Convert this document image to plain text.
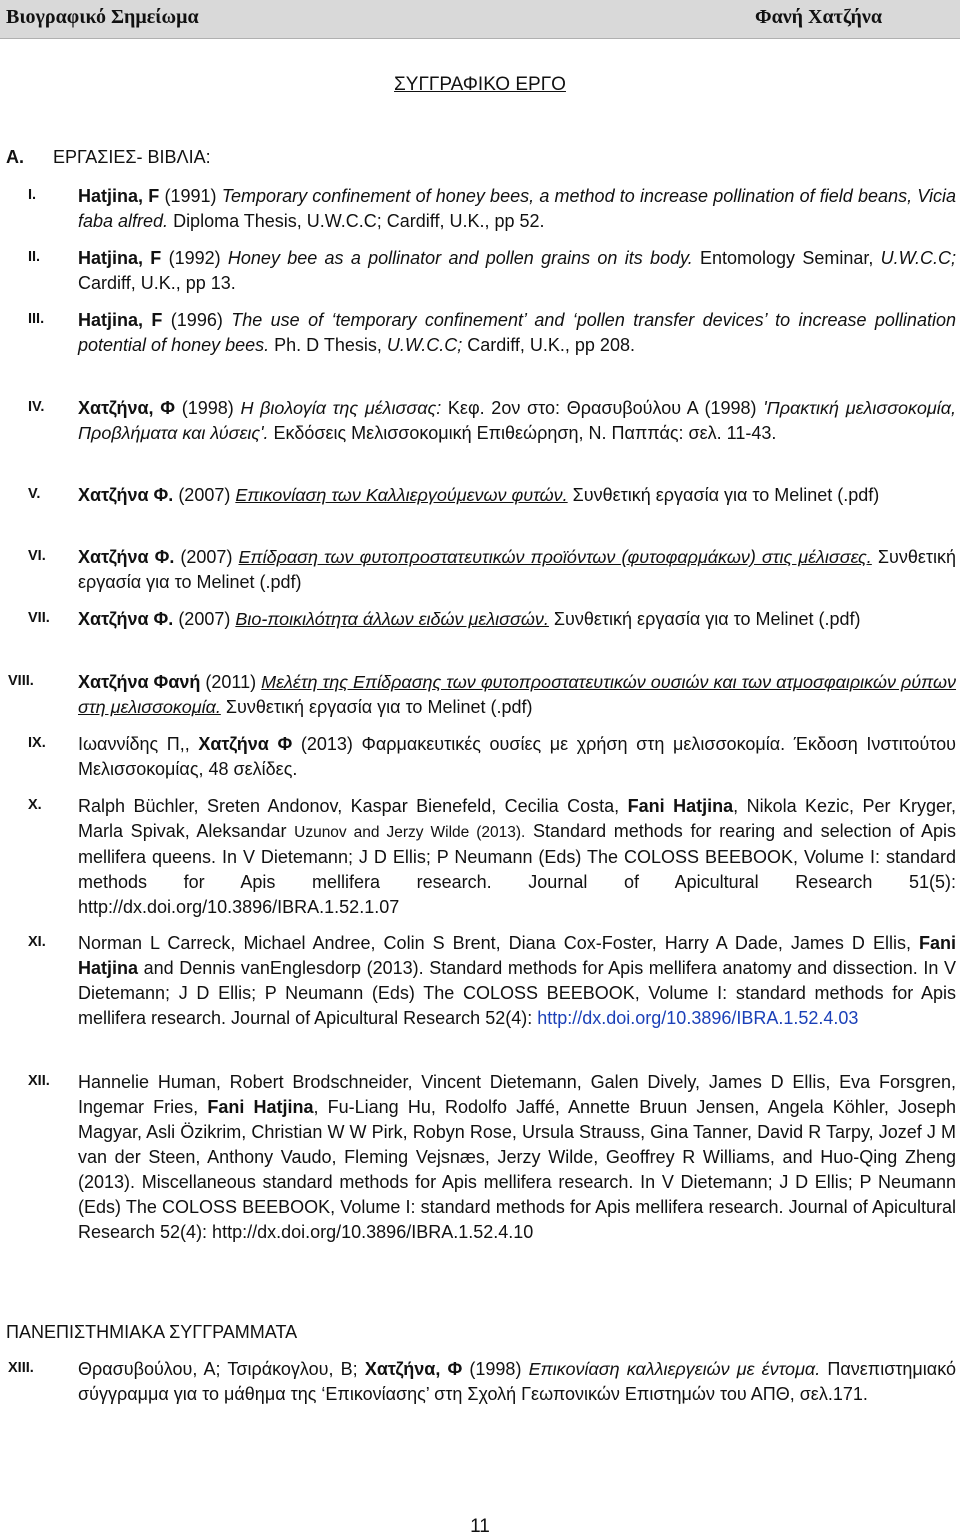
Βιογραφικό Σημείωμα	Φανή Χατζήνα
ΣΥΓΓΡΑΦΙΚΟ ΕΡΓΟ
Α. ΕΡΓΑΣΙΕΣ- ΒΙΒΛΙΑ:
I.	Hatjina, F (1991) Temporary confinement of honey bees, a method to increase pollination of field beans, Vicia faba alfred. Diploma Thesis, U.W.C.C; Cardiff, U.K., pp 52.
II.	Hatjina, F (1992) Honey bee as a pollinator and pollen grains on its body. Entomology Seminar, U.W.C.C; Cardiff, U.K., pp 13.
III.	Hatjina, F (1996) The use of ‘temporary confinement’ and ‘pollen transfer devices’ to increase pollination potential of honey bees. Ph. D Thesis, U.W.C.C; Cardiff, U.K., pp 208.
IV.	Χατζήνα, Φ (1998) Η βιολογία της μέλισσας: Κεφ. 2ον στο: Θρασυβούλου Α (1998) 'Πρακτική μελισσοκομία, Προβλήματα και λύσεις'. Εκδόσεις Μελισσοκομική Επιθεώρηση, Ν. Παππάς: σελ. 11-43.
V.	Χατζήνα Φ. (2007) Επικονίαση των Καλλιεργούμενων φυτών. Συνθετική εργασία για το Melinet (.pdf)
VI.	Χατζήνα Φ. (2007) Επίδραση των φυτοπροστατευτικών προϊόντων (φυτοφαρμάκων) στις μέλισσες. Συνθετική εργασία για το Melinet (.pdf)
VII.	Χατζήνα Φ. (2007) Βιο-ποικιλότητα άλλων ειδών μελισσών. Συνθετική εργασία για το Melinet (.pdf)
VIII.	Χατζήνα Φανή (2011) Μελέτη της Επίδρασης των φυτοπροστατευτικών ουσιών και των ατμοσφαιρικών ρύπων στη μελισσοκομία. Συνθετική εργασία για το Melinet (.pdf)
IX.	Ιωαννίδης Π,, Χατζήνα Φ (2013) Φαρμακευτικές ουσίες με χρήση στη μελισσοκομία. Έκδοση Ινστιτούτου Μελισσοκομίας, 48 σελίδες.
X.	Ralph Büchler, Sreten Andonov, Kaspar Bienefeld, Cecilia Costa, Fani Hatjina, Nikola Kezic, Per Kryger, Marla Spivak, Aleksandar Uzunov and Jerzy Wilde (2013). Standard methods for rearing and selection of Apis mellifera queens. In V Dietemann; J D Ellis; P Neumann (Eds) The COLOSS BEEBOOK, Volume I: standard methods for Apis mellifera research. Journal of Apicultural Research 51(5): http://dx.doi.org/10.3896/IBRA.1.52.1.07
XI.	Norman L Carreck, Michael Andree, Colin S Brent, Diana Cox-Foster, Harry A Dade, James D Ellis, Fani Hatjina and Dennis vanEnglesdorp (2013). Standard methods for Apis mellifera anatomy and dissection. In V Dietemann; J D Ellis; P Neumann (Eds) The COLOSS BEEBOOK, Volume I: standard methods for Apis mellifera research. Journal of Apicultural Research 52(4): http://dx.doi.org/10.3896/IBRA.1.52.4.03
XII.	Hannelie Human, Robert Brodschneider, Vincent Dietemann, Galen Dively, James D Ellis, Eva Forsgren, Ingemar Fries, Fani Hatjina, Fu-Liang Hu, Rodolfo Jaffé, Annette Bruun Jensen, Angela Köhler, Joseph Magyar, Asli Özikrim, Christian W W Pirk, Robyn Rose, Ursula Strauss, Gina Tanner, David R Tarpy, Jozef J M van der Steen, Anthony Vaudo, Fleming Vejsnæs, Jerzy Wilde, Geoffrey R Williams, and Huo-Qing Zheng (2013). Miscellaneous standard methods for Apis mellifera research. In V Dietemann; J D Ellis; P Neumann (Eds) The COLOSS BEEBOOK, Volume I: standard methods for Apis mellifera research. Journal of Apicultural Research 52(4): http://dx.doi.org/10.3896/IBRA.1.52.4.10
ΠΑΝΕΠΙΣΤΗΜΙΑΚΑ ΣΥΓΓΡΑΜΜΑΤΑ
XIII.	Θρασυβούλου, Α; Τσιράκογλου, Β; Χατζήνα, Φ (1998) Επικονίαση καλλιεργειών με έντομα. Πανεπιστημιακό σύγγραμμα για το μάθημα της ‘Επικονίασης’ στη Σχολή Γεωπονικών Επιστημών του ΑΠΘ, σελ.171.
11
